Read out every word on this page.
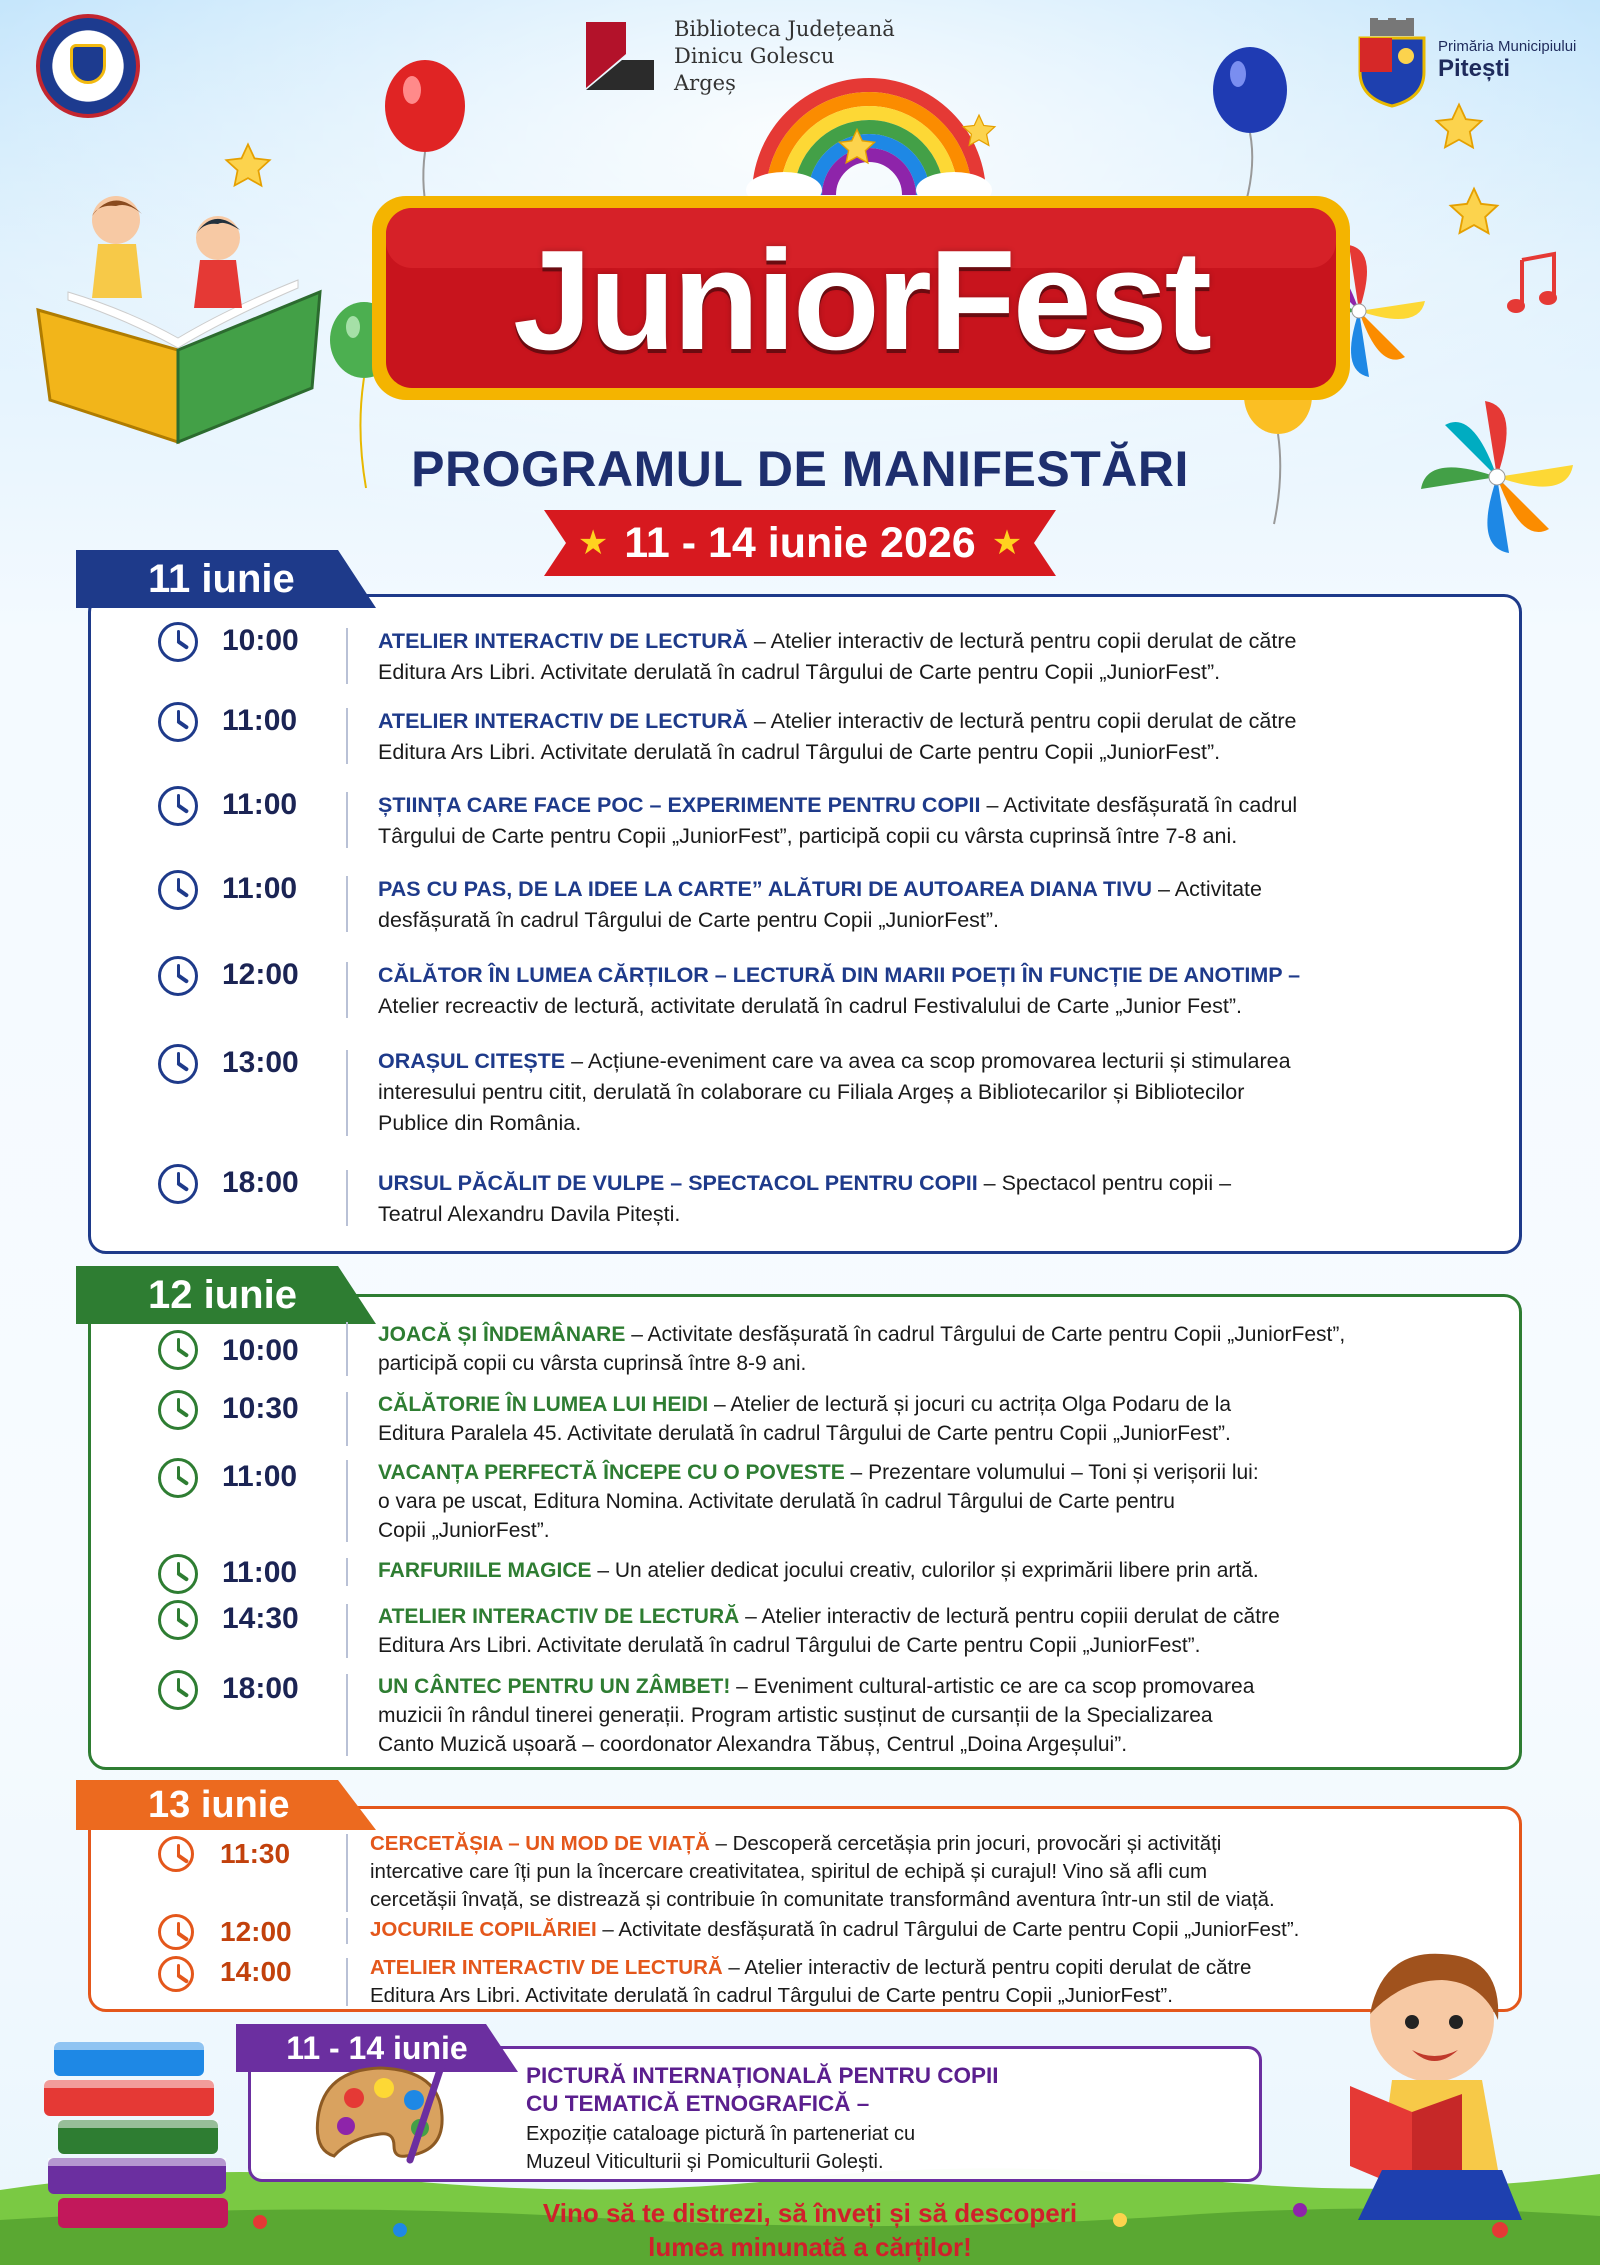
Biblioteca Județeană
Dinicu Golescu
Argeș
Primăria Municipiului
Pitești
JuniorFest
PROGRAMUL DE MANIFESTĂRI
★ 11 - 14 iunie 2026 ★
11 iunie
10:00	ATELIER INTERACTIV DE LECTURĂ – Atelier interactiv de lectură pentru copii derulat de către
Editura Ars Libri. Activitate derulată în cadrul Târgului de Carte pentru Copii „JuniorFest”.
11:00	ATELIER INTERACTIV DE LECTURĂ – Atelier interactiv de lectură pentru copii derulat de către
Editura Ars Libri. Activitate derulată în cadrul Târgului de Carte pentru Copii „JuniorFest”.
11:00	ȘTIINȚA CARE FACE POC – EXPERIMENTE PENTRU COPII – Activitate desfășurată în cadrul
Târgului de Carte pentru Copii „JuniorFest”, participă copii cu vârsta cuprinsă între 7-8 ani.
11:00	PAS CU PAS, DE LA IDEE LA CARTE” ALĂTURI DE AUTOAREA DIANA TIVU – Activitate
desfășurată în cadrul Târgului de Carte pentru Copii „JuniorFest”.
12:00	CĂLĂTOR ÎN LUMEA CĂRȚILOR – LECTURĂ DIN MARII POEȚI ÎN FUNCȚIE DE ANOTIMP –
Atelier recreactiv de lectură, activitate derulată în cadrul Festivalului de Carte „Junior Fest”.
13:00	ORAȘUL CITEȘTE – Acțiune-eveniment care va avea ca scop promovarea lecturii și stimularea
interesului pentru citit, derulată în colaborare cu Filiala Argeș a Bibliotecarilor și Bibliotecilor
Publice din România.
18:00	URSUL PĂCĂLIT DE VULPE – SPECTACOL PENTRU COPII – Spectacol pentru copii –
Teatrul Alexandru Davila Pitești.
12 iunie
10:00	JOACĂ ȘI ÎNDEMÂNARE – Activitate desfășurată în cadrul Târgului de Carte pentru Copii „JuniorFest”,
participă copii cu vârsta cuprinsă între 8-9 ani.
10:30	CĂLĂTORIE ÎN LUMEA LUI HEIDI – Atelier de lectură și jocuri cu actrița Olga Podaru de la
Editura Paralela 45. Activitate derulată în cadrul Târgului de Carte pentru Copii „JuniorFest”.
11:00	VACANȚA PERFECTĂ ÎNCEPE CU O POVESTE – Prezentare volumului – Toni și verișorii lui:
o vara pe uscat, Editura Nomina. Activitate derulată în cadrul Târgului de Carte pentru
Copii „JuniorFest”.
11:00	FARFURIILE MAGICE – Un atelier dedicat jocului creativ, culorilor și exprimării libere prin artă.
14:30	ATELIER INTERACTIV DE LECTURĂ – Atelier interactiv de lectură pentru copiii derulat de către
Editura Ars Libri. Activitate derulată în cadrul Târgului de Carte pentru Copii „JuniorFest”.
18:00	UN CÂNTEC PENTRU UN ZÂMBET! – Eveniment cultural-artistic ce are ca scop promovarea
muzicii în rândul tinerei generații. Program artistic susținut de cursanții de la Specializarea
Canto Muzică ușoară – coordonator Alexandra Tăbuș, Centrul „Doina Argeșului”.
13 iunie
11:30	CERCETĂȘIA – UN MOD DE VIAȚĂ – Descoperă cercetășia prin jocuri, provocări și activități
intercative care îți pun la încercare creativitatea, spiritul de echipă și curajul! Vino să afli cum
cercetășii învață, se distrează și contribuie în comunitate transformând aventura într-un stil de viață.
12:00	JOCURILE COPILĂRIEI – Activitate desfășurată în cadrul Târgului de Carte pentru Copii „JuniorFest”.
14:00	ATELIER INTERACTIV DE LECTURĂ – Atelier interactiv de lectură pentru copiti derulat de către
Editura Ars Libri. Activitate derulată în cadrul Târgului de Carte pentru Copii „JuniorFest”.
11 - 14 iunie
PICTURĂ INTERNAȚIONALĂ PENTRU COPII
CU TEMATICĂ ETNOGRAFICĂ –
Expoziție cataloage pictură în parteneriat cu
Muzeul Viticulturii și Pomiculturii Golești.
Vino să te distrezi, să înveți și să descoperi
lumea minunată a cărților!
